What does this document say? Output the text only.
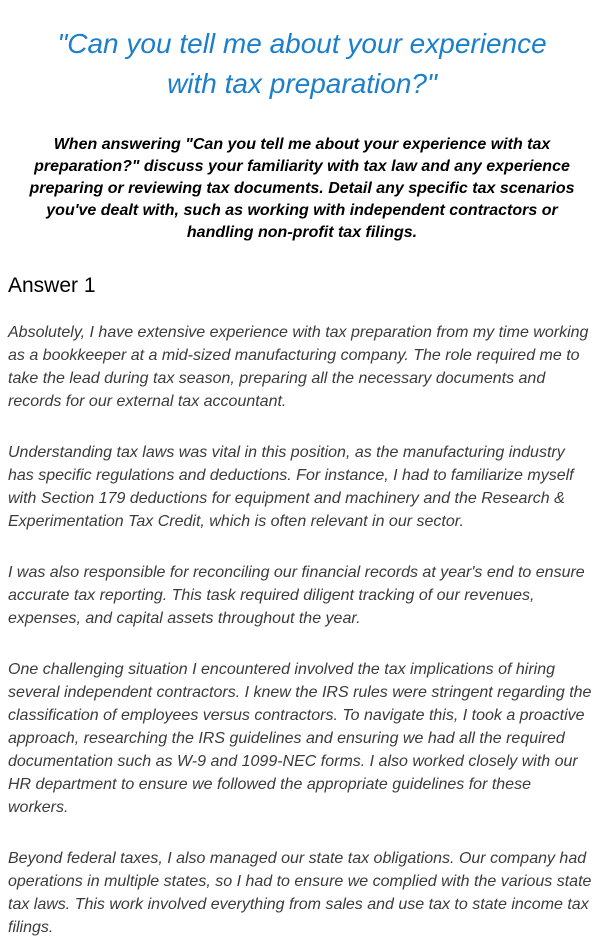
"Can you tell me about your experience
with tax preparation?"

When answering "Can you tell me about your experience with tax preparation?" discuss your familiarity with tax law and any experience preparing or reviewing tax documents. Detail any specific tax scenarios you've dealt with, such as working with independent contractors or handling non-profit tax filings.

Answer 1

Absolutely, I have extensive experience with tax preparation from my time working as a bookkeeper at a mid-sized manufacturing company. The role required me to take the lead during tax season, preparing all the necessary documents and records for our external tax accountant.

Understanding tax laws was vital in this position, as the manufacturing industry has specific regulations and deductions. For instance, I had to familiarize myself with Section 179 deductions for equipment and machinery and the Research & Experimentation Tax Credit, which is often relevant in our sector.

I was also responsible for reconciling our financial records at year's end to ensure accurate tax reporting. This task required diligent tracking of our revenues, expenses, and capital assets throughout the year.

One challenging situation I encountered involved the tax implications of hiring several independent contractors. I knew the IRS rules were stringent regarding the classification of employees versus contractors. To navigate this, I took a proactive approach, researching the IRS guidelines and ensuring we had all the required documentation such as W-9 and 1099-NEC forms. I also worked closely with our HR department to ensure we followed the appropriate guidelines for these workers.

Beyond federal taxes, I also managed our state tax obligations. Our company had operations in multiple states, so I had to ensure we complied with the various state tax laws. This work involved everything from sales and use tax to state income tax filings.
